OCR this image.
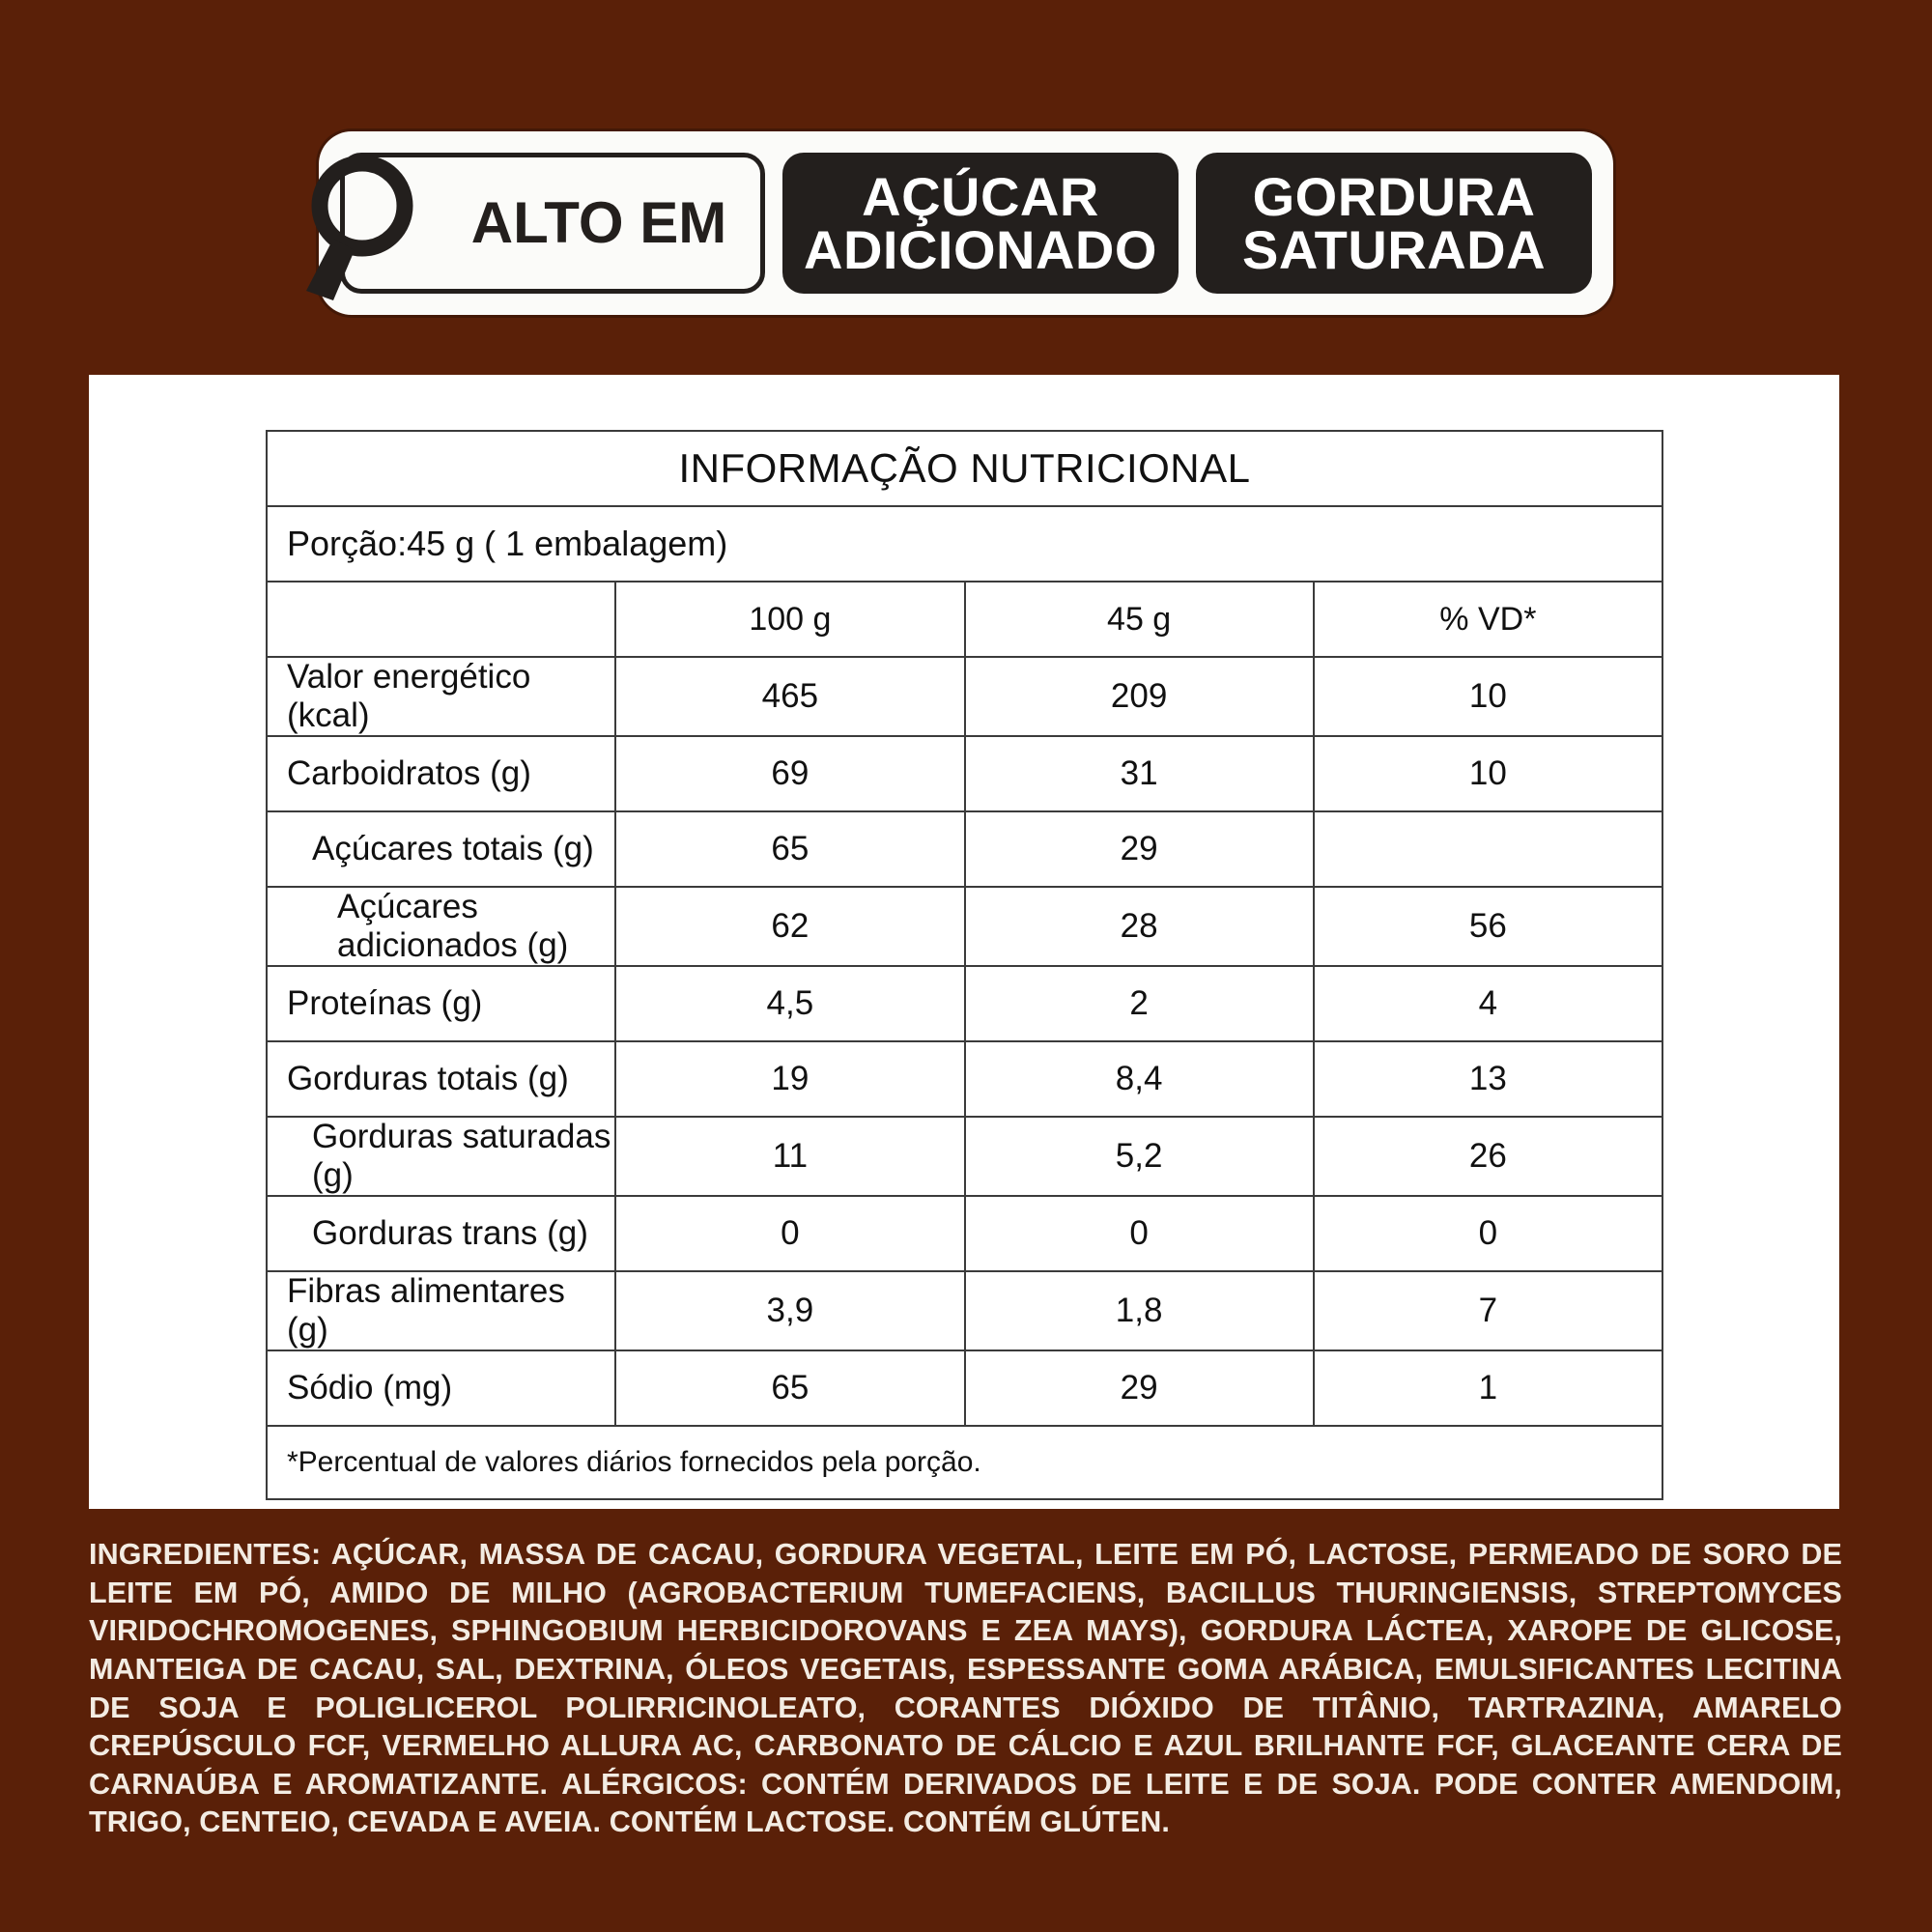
ALTO EM	AÇÚCAR
ADICIONADO
GORDURA
SATURADA
INFORMAÇÃO NUTRICIONAL			
Porção:45 g ( 1 embalagem)			
	100 g	45 g	% VD*
Valor energético (kcal)	465	209	10
Carboidratos (g)	69	31	10
Açúcares totais (g)	65	29	
Açúcares adicionados (g)	62	28	56
Proteínas (g)	4,5	2	4
Gorduras totais (g)	19	8,4	13
Gorduras saturadas (g)	11	5,2	26
Gorduras trans (g)	0	0	0
Fibras alimentares (g)	3,9	1,8	7
Sódio (mg)	65	29	1
*Percentual de valores diários fornecidos pela porção.			
INGREDIENTES: AÇÚCAR, MASSA DE CACAU, GORDURA VEGETAL, LEITE EM PÓ, LACTOSE, PERMEADO DE SORO DE LEITE EM PÓ, AMIDO DE MILHO (AGROBACTERIUM TUMEFACIENS, BACILLUS THURINGIENSIS, STREPTOMYCES VIRIDOCHROMOGENES, SPHINGOBIUM HERBICIDOROVANS E ZEA MAYS), GORDURA LÁCTEA, XAROPE DE GLICOSE, MANTEIGA DE CACAU, SAL, DEXTRINA, ÓLEOS VEGETAIS, ESPESSANTE GOMA ARÁBICA, EMULSIFICANTES LECITINA DE SOJA E POLIGLICEROL POLIRRICINOLEATO, CORANTES DIÓXIDO DE TITÂNIO, TARTRAZINA, AMARELO CREPÚSCULO FCF, VERMELHO ALLURA AC, CARBONATO DE CÁLCIO E AZUL BRILHANTE FCF, GLACEANTE CERA DE CARNAÚBA E AROMATIZANTE. ALÉRGICOS: CONTÉM DERIVADOS DE LEITE E DE SOJA. PODE CONTER AMENDOIM, TRIGO, CENTEIO, CEVADA E AVEIA. CONTÉM LACTOSE. CONTÉM GLÚTEN.
